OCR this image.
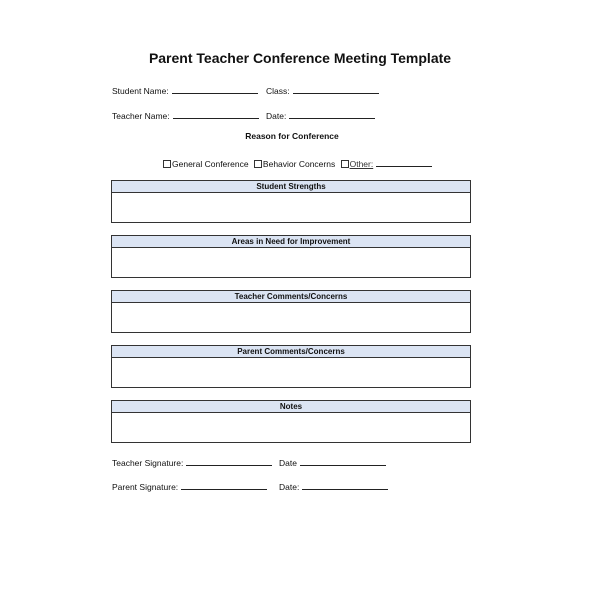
Parent Teacher Conference Meeting Template
Student Name:	Class:
Teacher Name:	Date:
Reason for Conference
General Conference Behavior Concerns Other:
Student Strengths
Areas in Need for Improvement
Teacher Comments/Concerns
Parent Comments/Concerns
Notes
Teacher Signature:	Date
Parent Signature:	Date:
